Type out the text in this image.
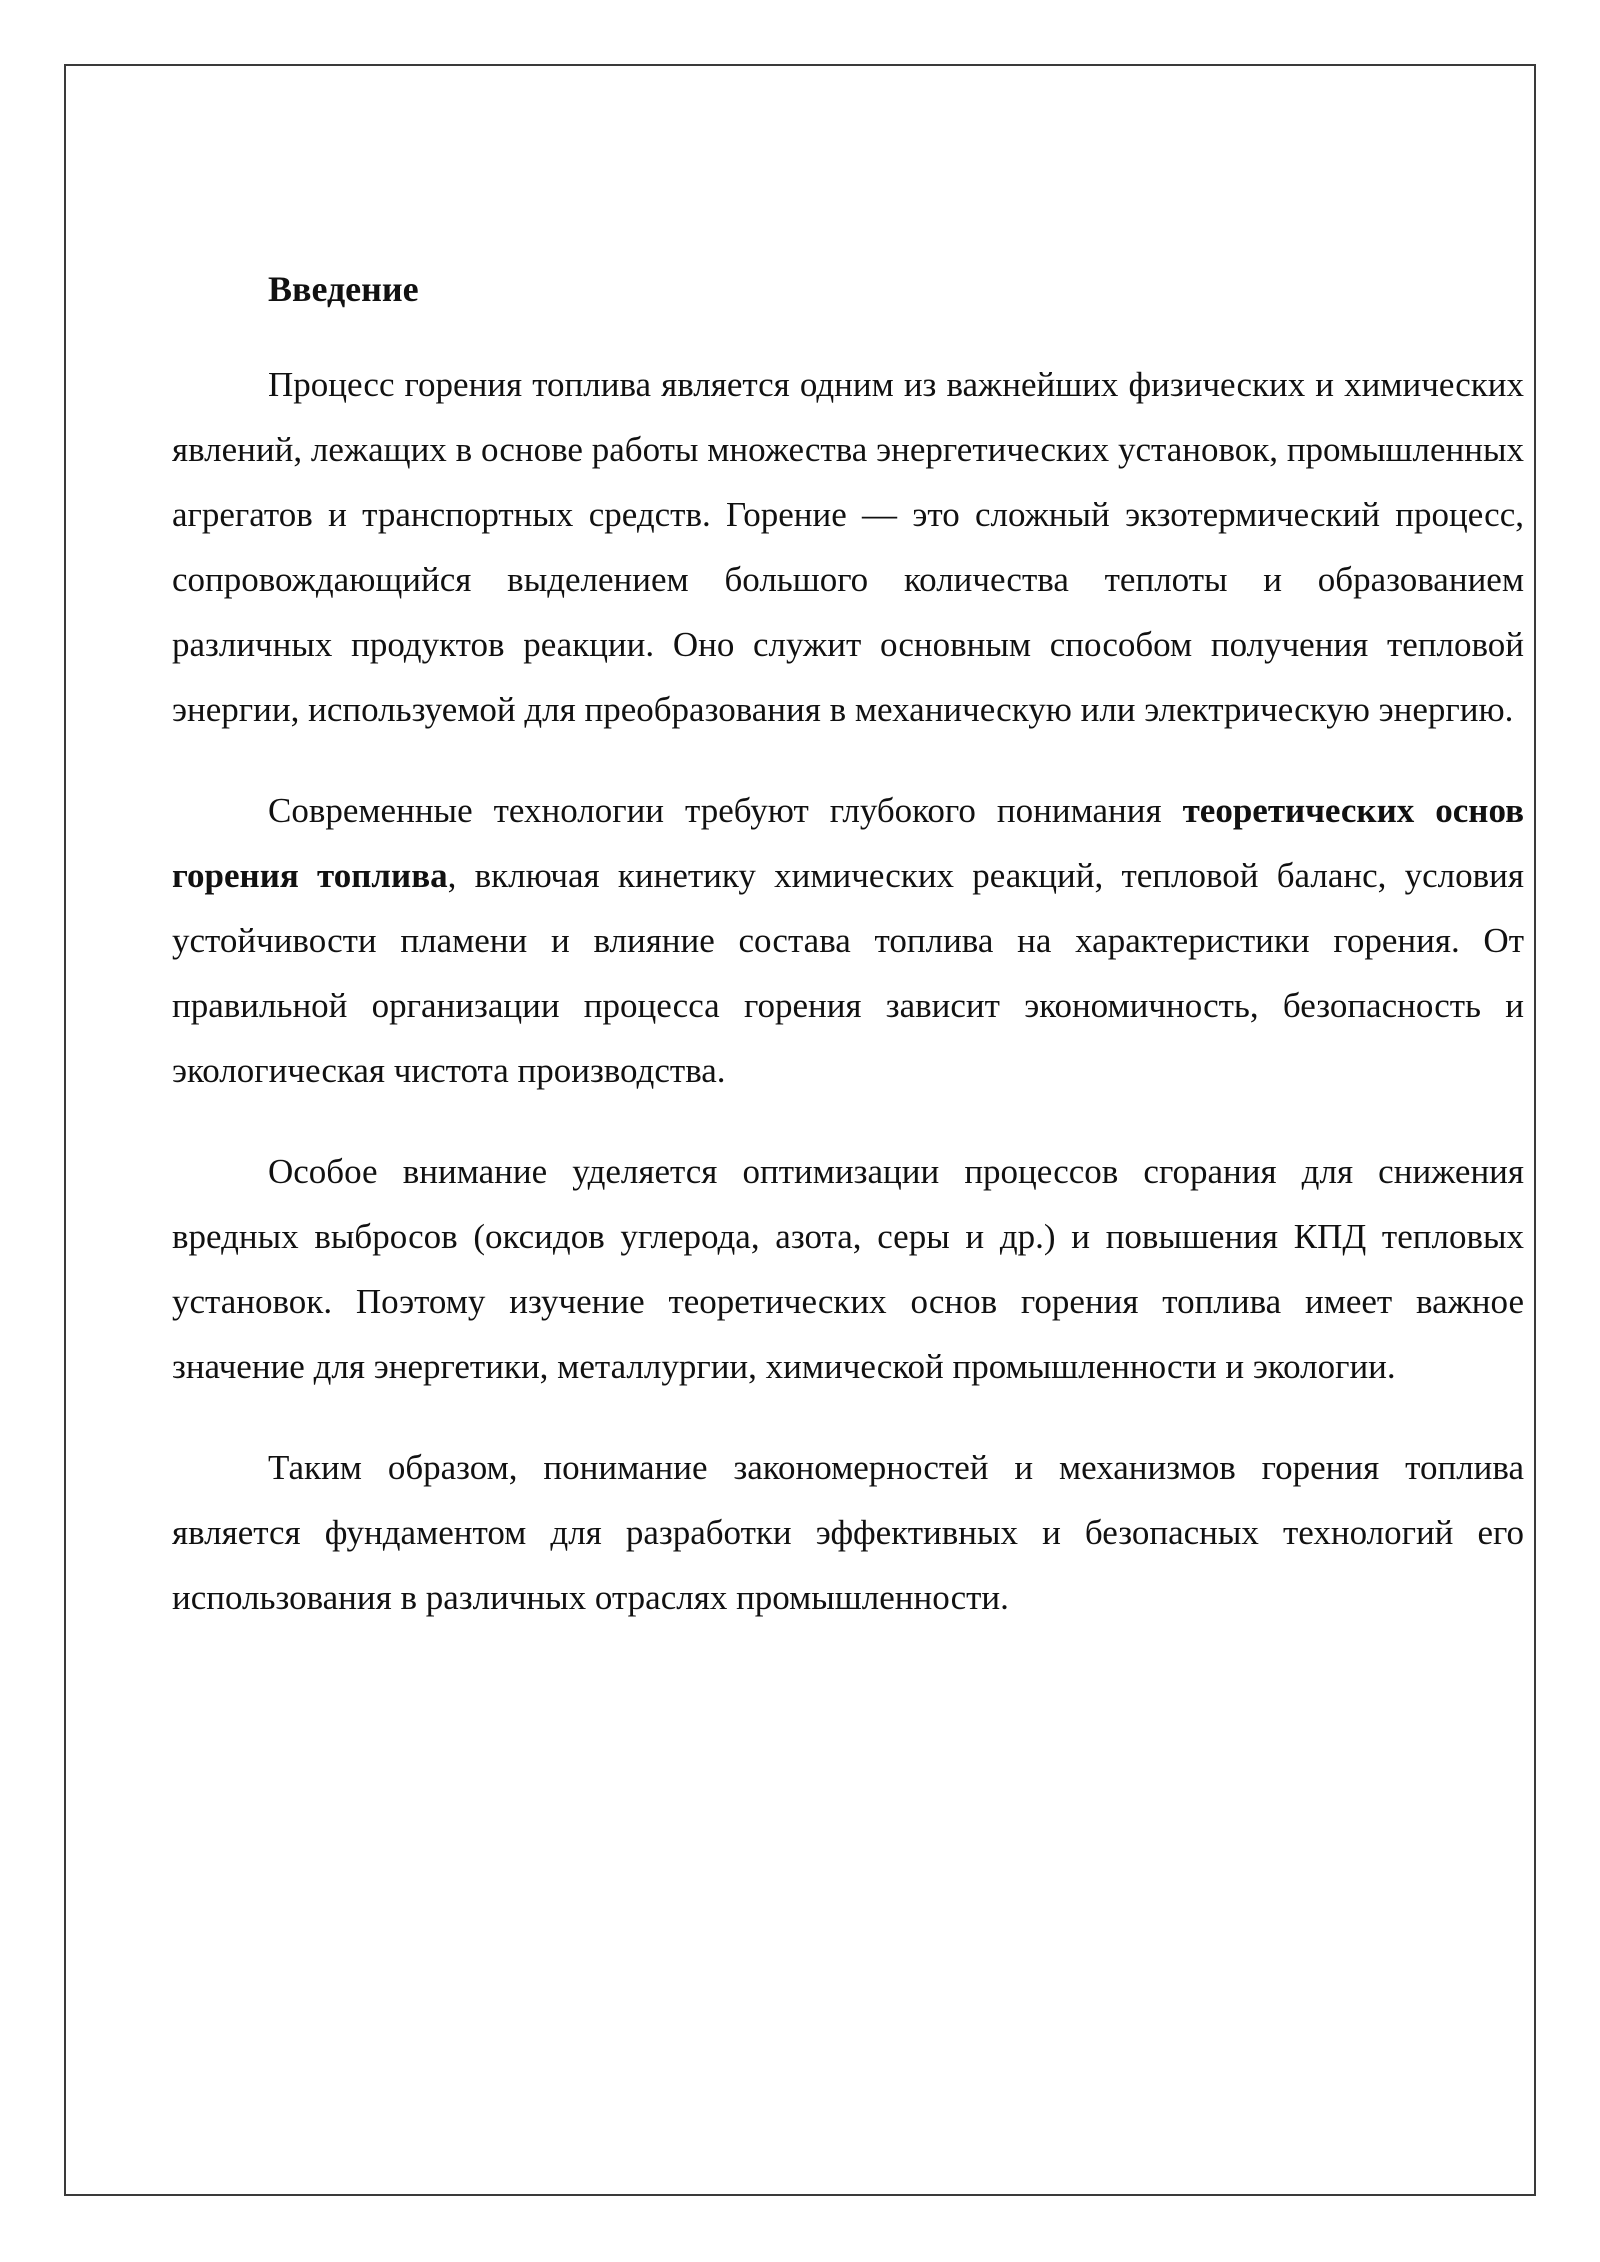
Введение

Процесс горения топлива является одним из важнейших физических и химических явлений, лежащих в основе работы множества энергетических установок, промышленных агрегатов и транспортных средств. Горение — это сложный экзотермический процесс, сопровождающийся выделением большого количества теплоты и образованием различных продуктов реакции. Оно служит основным способом получения тепловой энергии, используемой для преобразования в механическую или электрическую энергию.

Современные технологии требуют глубокого понимания теоретических основ горения топлива, включая кинетику химических реакций, тепловой баланс, условия устойчивости пламени и влияние состава топлива на характеристики горения. От правильной организации процесса горения зависит экономичность, безопасность и экологическая чистота производства.

Особое внимание уделяется оптимизации процессов сгорания для снижения вредных выбросов (оксидов углерода, азота, серы и др.) и повышения КПД тепловых установок. Поэтому изучение теоретических основ горения топлива имеет важное значение для энергетики, металлургии, химической промышленности и экологии.

Таким образом, понимание закономерностей и механизмов горения топлива является фундаментом для разработки эффективных и безопасных технологий его использования в различных отраслях промышленности.
